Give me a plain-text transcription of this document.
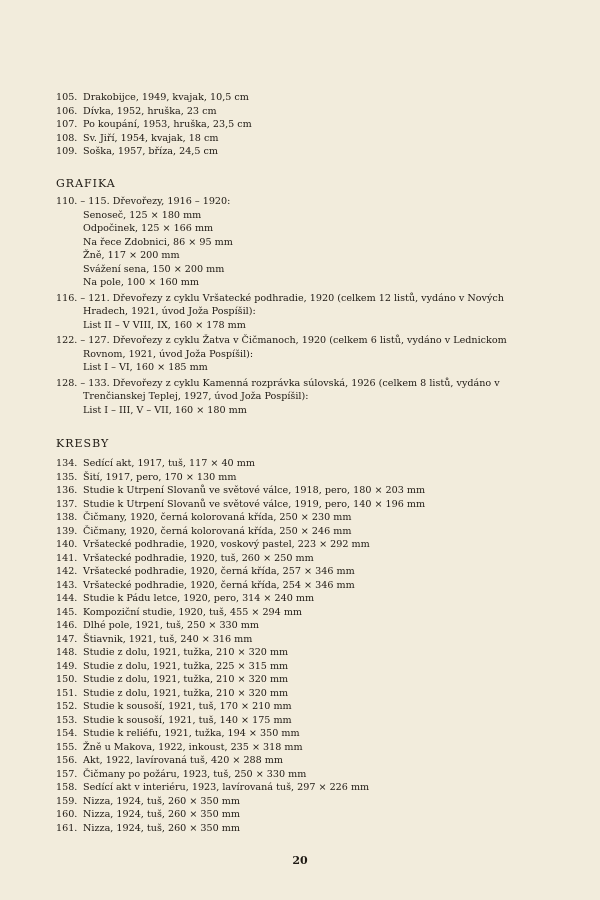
105. Drakobijce, 1949, kvajak, 10,5 cm
106. Dívka, 1952, hruška, 23 cm
107. Po koupání, 1953, hruška, 23,5 cm
108. Sv. Jiří, 1954, kvajak, 18 cm
109. Soška, 1957, bříza, 24,5 cm
GRAFIKA
110. – 115. Dřevořezy, 1916 – 1920:
Senoseč, 125 × 180 mm
Odpočinek, 125 × 166 mm
Na řece Zdobnici, 86 × 95 mm
Žně, 117 × 200 mm
Svážení sena, 150 × 200 mm
Na pole, 100 × 160 mm
116. – 121. Dřevořezy z cyklu Vršatecké podhradie, 1920 (celkem 12 listů, vydáno v Nových Hradech, 1921, úvod Joža Pospíšil):
List II – V VIII, IX, 160 × 178 mm
122. – 127. Dřevořezy z cyklu Žatva v Čičmanoch, 1920 (celkem 6 listů, vydáno v Lednickom Rovnom, 1921, úvod Joža Pospíšil):
List I – VI, 160 × 185 mm
128. – 133. Dřevořezy z cyklu Kamenná rozprávka súlovská, 1926 (celkem 8 listů, vydáno v Trenčianskej Teplej, 1927, úvod Joža Pospíšil):
List I – III, V – VII, 160 × 180 mm
KRESBY
134. Sedící akt, 1917, tuš, 117 × 40 mm
135. Šití, 1917, pero, 170 × 130 mm
136. Studie k Utrpení Slovanů ve světové válce, 1918, pero, 180 × 203 mm
137. Studie k Utrpení Slovanů ve světové válce, 1919, pero, 140 × 196 mm
138. Čičmany, 1920, černá kolorovaná křída, 250 × 230 mm
139. Čičmany, 1920, černá kolorovaná křída, 250 × 246 mm
140. Vršatecké podhradie, 1920, voskový pastel, 223 × 292 mm
141. Vršatecké podhradie, 1920, tuš, 260 × 250 mm
142. Vršatecké podhradie, 1920, černá křída, 257 × 346 mm
143. Vršatecké podhradie, 1920, černá křída, 254 × 346 mm
144. Studie k Pádu letce, 1920, pero, 314 × 240 mm
145. Kompoziční studie, 1920, tuš, 455 × 294 mm
146. Dlhé pole, 1921, tuš, 250 × 330 mm
147. Štiavnik, 1921, tuš, 240 × 316 mm
148. Studie z dolu, 1921, tužka, 210 × 320 mm
149. Studie z dolu, 1921, tužka, 225 × 315 mm
150. Studie z dolu, 1921, tužka, 210 × 320 mm
151. Studie z dolu, 1921, tužka, 210 × 320 mm
152. Studie k sousoší, 1921, tuš, 170 × 210 mm
153. Studie k sousoší, 1921, tuš, 140 × 175 mm
154. Studie k reliéfu, 1921, tužka, 194 × 350 mm
155. Žně u Makova, 1922, inkoust, 235 × 318 mm
156. Akt, 1922, lavírovaná tuš, 420 × 288 mm
157. Čičmany po požáru, 1923, tuš, 250 × 330 mm
158. Sedící akt v interiéru, 1923, lavírovaná tuš, 297 × 226 mm
159. Nizza, 1924, tuš, 260 × 350 mm
160. Nizza, 1924, tuš, 260 × 350 mm
161. Nizza, 1924, tuš, 260 × 350 mm
20
